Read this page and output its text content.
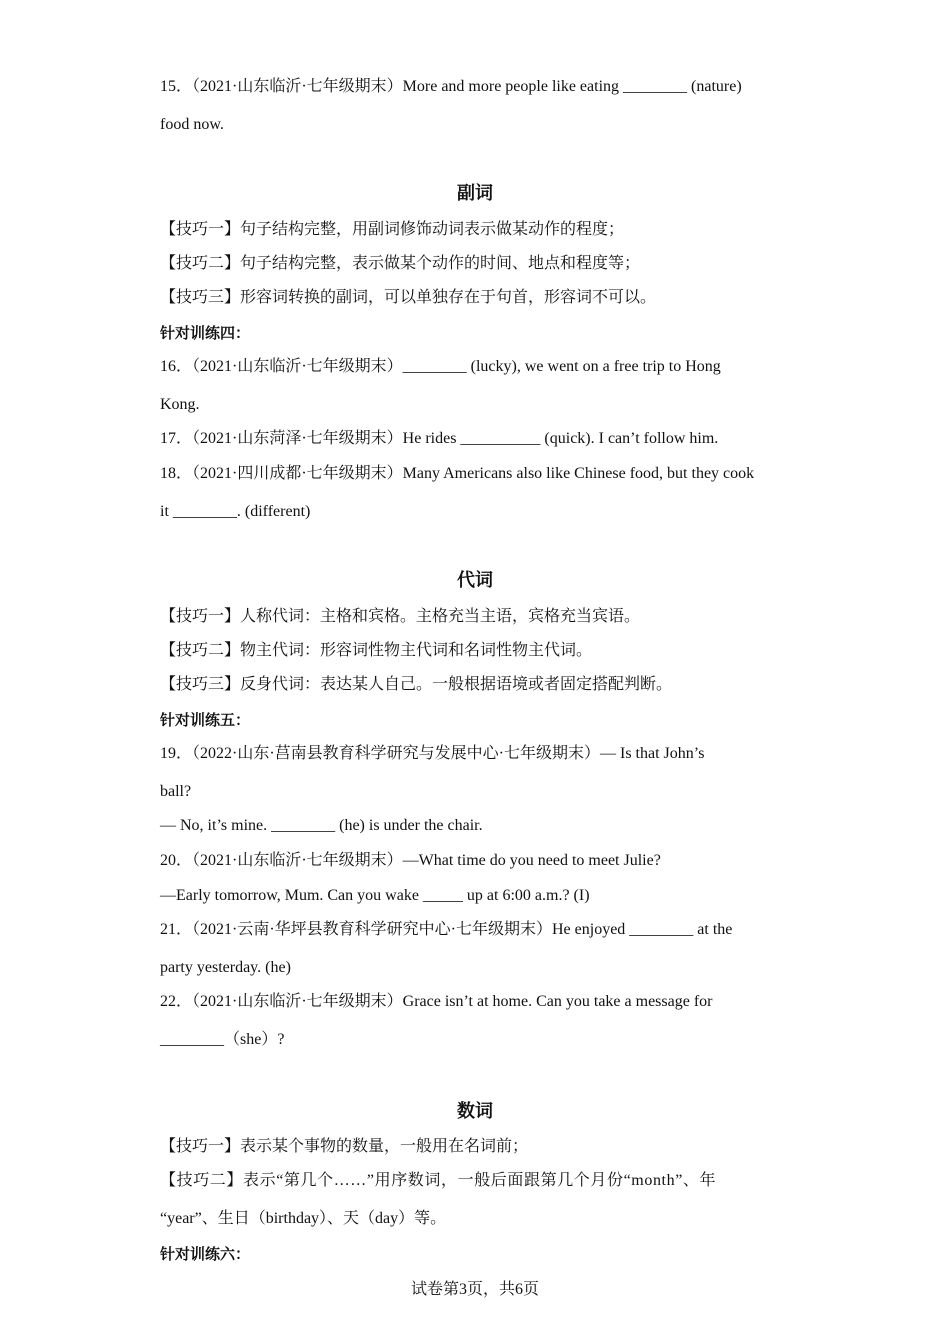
15．（2021·山东临沂·七年级期末）More and more people like eating ________ (nature)
food now.
副词
【技巧一】句子结构完整，用副词修饰动词表示做某动作的程度；
【技巧二】句子结构完整，表示做某个动作的时间、地点和程度等；
【技巧三】形容词转换的副词，可以单独存在于句首，形容词不可以。
针对训练四：
16．（2021·山东临沂·七年级期末）________ (lucky), we went on a free trip to Hong
Kong.
17．（2021·山东菏泽·七年级期末）He rides __________ (quick). I can’t follow him.
18．（2021·四川成都·七年级期末）Many Americans also like Chinese food, but they cook
it ________. (different)
代词
【技巧一】人称代词：主格和宾格。主格充当主语，宾格充当宾语。
【技巧二】物主代词：形容词性物主代词和名词性物主代词。
【技巧三】反身代词：表达某人自己。一般根据语境或者固定搭配判断。
针对训练五：
19．（2022·山东·莒南县教育科学研究与发展中心·七年级期末）— Is that John’s
ball?
— No, it’s mine. ________ (he) is under the chair.
20．（2021·山东临沂·七年级期末）—What time do you need to meet Julie?
—Early tomorrow, Mum. Can you wake _____ up at 6:00 a.m.? (I)
21．（2021·云南·华坪县教育科学研究中心·七年级期末）He enjoyed ________ at the
party yesterday. (he)
22．（2021·山东临沂·七年级期末）Grace isn’t at home. Can you take a message for
________（she）?
数词
【技巧一】表示某个事物的数量，一般用在名词前；
【技巧二】表示“第几个……”用序数词，一般后面跟第几个月份“month”、年
“year”、生日（birthday）、天（day）等。
针对训练六：
试卷第3页，共6页
